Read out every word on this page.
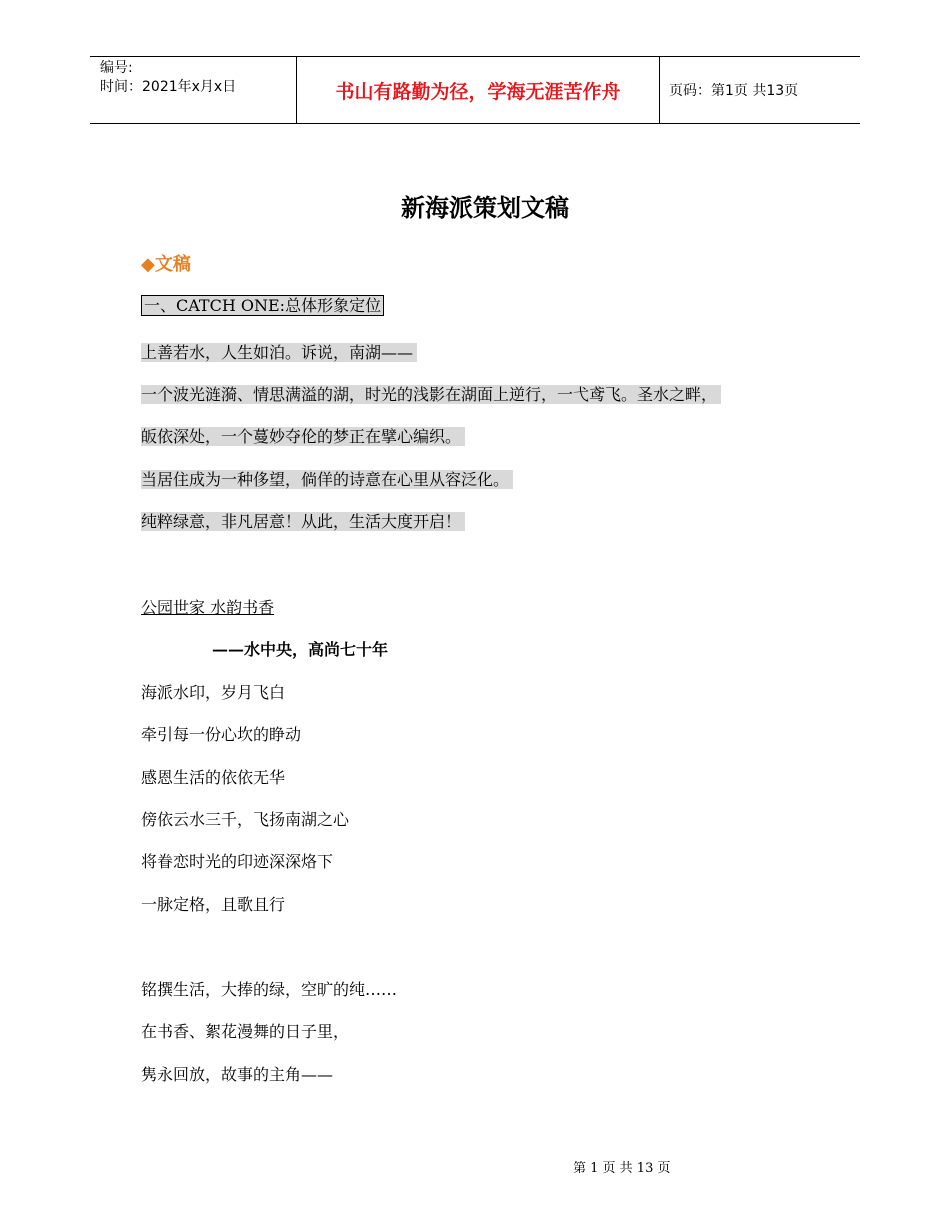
编号:
时间：2021年x月x日	书山有路勤为径，学海无涯苦作舟	页码：第1页 共13页
新海派策划文稿
◆文稿
一、CATCH ONE:总体形象定位
上善若水，人生如泊。诉说，南湖——
一个波光涟漪、情思满溢的湖，时光的浅影在湖面上逆行，一弋鸢飞。圣水之畔，
皈依深处，一个蔓妙夺伦的梦正在擘心编织。
当居住成为一种侈望，倘佯的诗意在心里从容泛化。
纯粹绿意，非凡居意！从此，生活大度开启！
公园世家 水韵书香
——水中央，高尚七十年
海派水印，岁月飞白
牵引每一份心坎的睁动
感恩生活的依依无华
傍依云水三千，飞扬南湖之心
将眷恋时光的印迹深深烙下
一脉定格，且歌且行
铭撰生活，大捧的绿，空旷的纯……
在书香、絮花漫舞的日子里，
隽永回放，故事的主角——
第 1 页 共 13 页
